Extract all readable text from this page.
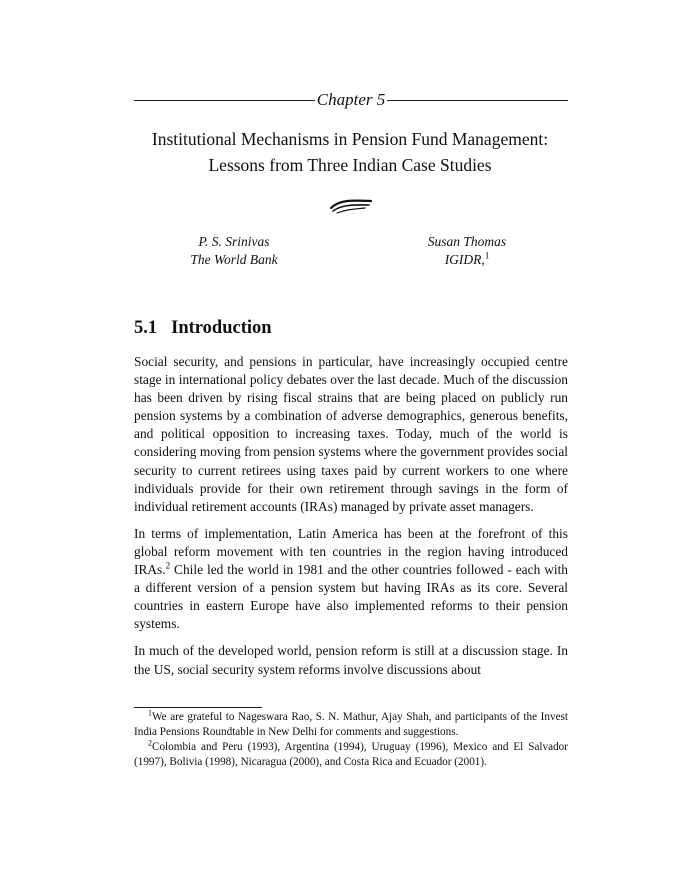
Chapter 5
Institutional Mechanisms in Pension Fund Management:
Lessons from Three Indian Case Studies
P. S. Srinivas
The World Bank
Susan Thomas
IGIDR,$^1$
5.1 Introduction

Social security, and pensions in particular, have increasingly occupied centre stage in international policy debates over the last decade. Much of the discussion has been driven by rising fiscal strains that are being placed on publicly run pension systems by a combination of adverse demographics, generous benefits, and political opposition to increasing taxes. Today, much of the world is considering moving from pension systems where the government provides social security to current retirees using taxes paid by current workers to one where individuals provide for their own retirement through savings in the form of individual retirement accounts (IRAs) managed by private asset managers.

In terms of implementation, Latin America has been at the forefront of this global reform movement with ten countries in the region having introduced IRAs.$^2$ Chile led the world in 1981 and the other countries followed - each with a different version of a pension system but having IRAs as its core. Several countries in eastern Europe have also implemented reforms to their pension systems.

In much of the developed world, pension reform is still at a discussion stage. In the US, social security system reforms involve discussions about

$^1$We are grateful to Nageswara Rao, S. N. Mathur, Ajay Shah, and participants of the Invest India Pensions Roundtable in New Delhi for comments and suggestions.

$^2$Colombia and Peru (1993), Argentina (1994), Uruguay (1996), Mexico and El Salvador (1997), Bolivia (1998), Nicaragua (2000), and Costa Rica and Ecuador (2001).
